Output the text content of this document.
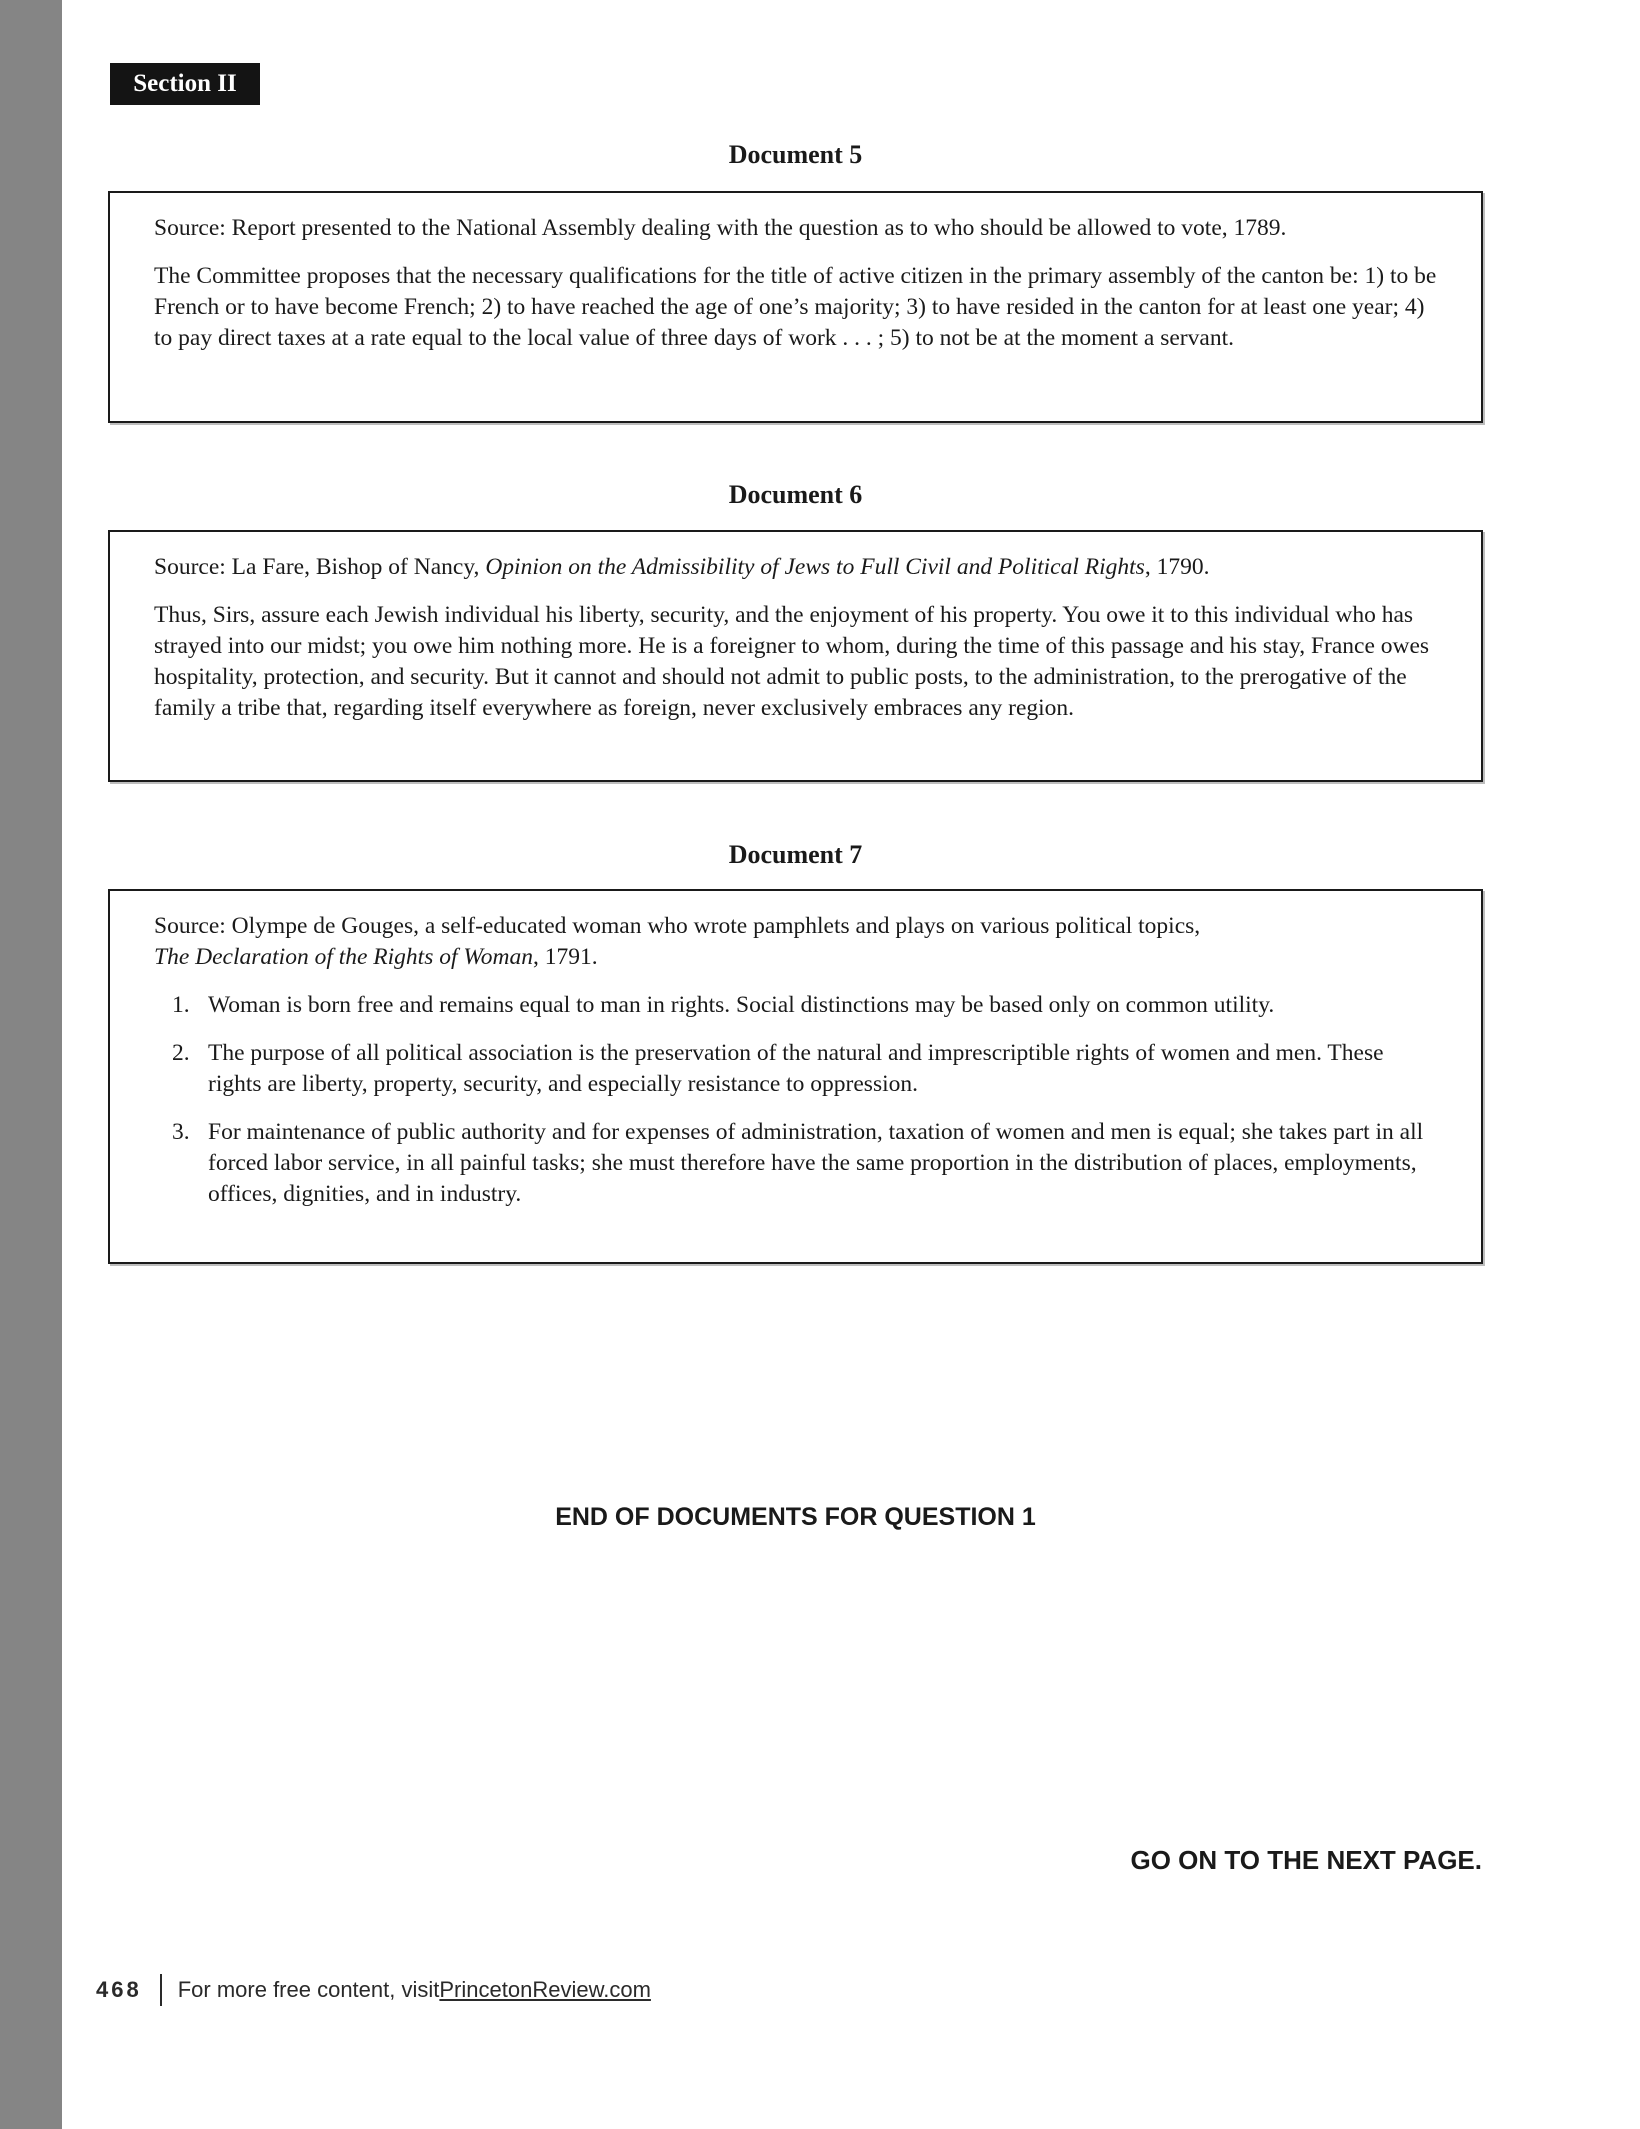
Section II
Document 5

Source: Report presented to the National Assembly dealing with the question as to who should be allowed to vote, 1789.

The Committee proposes that the necessary qualifications for the title of active citizen in the primary assembly of the canton be: 1) to be French or to have become French; 2) to have reached the age of one’s majority; 3) to have resided in the canton for at least one year; 4) to pay direct taxes at a rate equal to the local value of three days of work . . . ; 5) to not be at the moment a servant.

Document 6

Source: La Fare, Bishop of Nancy, Opinion on the Admissibility of Jews to Full Civil and Political Rights, 1790.

Thus, Sirs, assure each Jewish individual his liberty, security, and the enjoyment of his property. You owe it to this individual who has strayed into our midst; you owe him nothing more. He is a foreigner to whom, during the time of this passage and his stay, France owes hospitality, protection, and security. But it cannot and should not admit to public posts, to the administration, to the prerogative of the family a tribe that, regarding itself everywhere as foreign, never exclusively embraces any region.

Document 7

Source: Olympe de Gouges, a self-educated woman who wrote pamphlets and plays on various political topics,
The Declaration of the Rights of Woman, 1791.

1. Woman is born free and remains equal to man in rights. Social distinctions may be based only on common utility.
2. The purpose of all political association is the preservation of the natural and imprescriptible rights of women and men. These rights are liberty, property, security, and especially resistance to oppression.
3. For maintenance of public authority and for expenses of administration, taxation of women and men is equal; she takes part in all forced labor service, in all painful tasks; she must therefore have the same proportion in the distribution of places, employments, offices, dignities, and in industry.
END OF DOCUMENTS FOR QUESTION 1
GO ON TO THE NEXT PAGE.
468 For more free content, visit PrincetonReview.com
